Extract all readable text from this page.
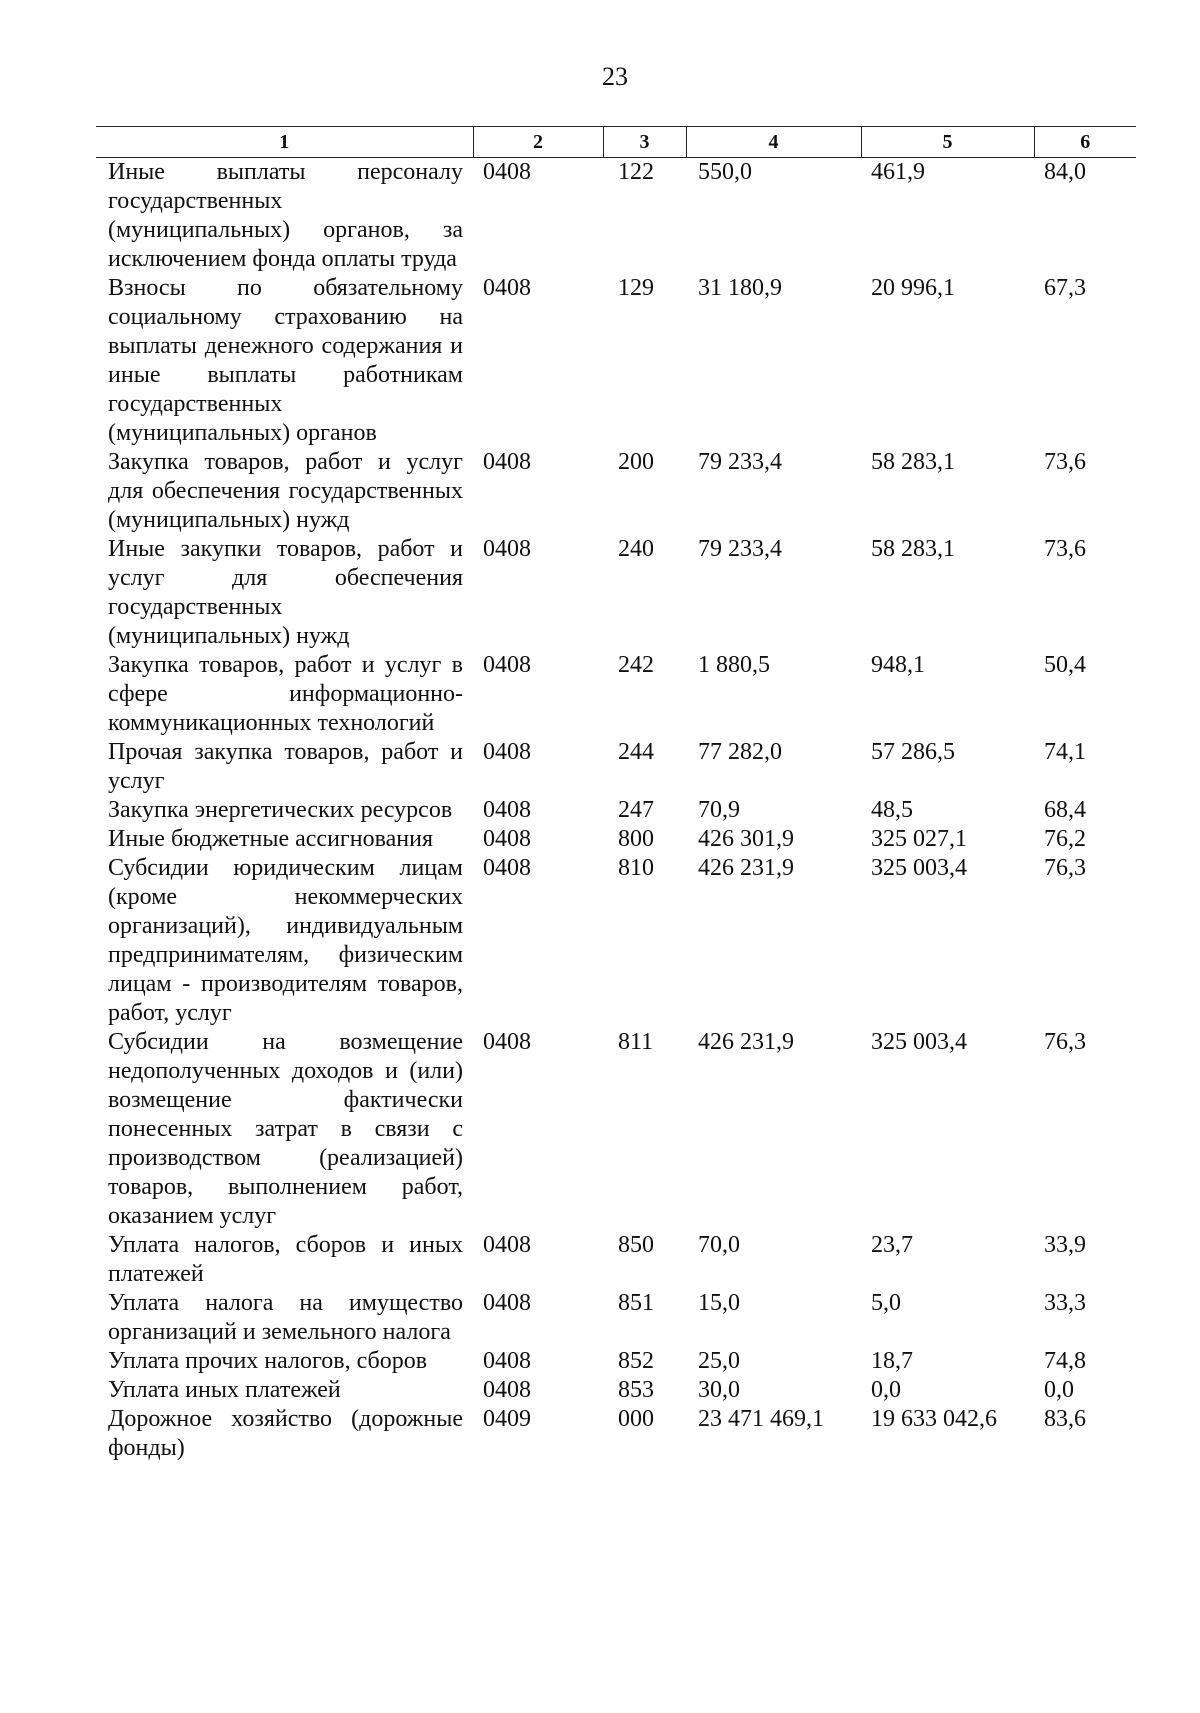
23
1	2	3	4	5	6
Иные выплаты персоналу государственных (муниципальных) органов, за исключением фонда оплаты труда	0408	122	550,0	461,9	84,0
Взносы по обязательному социальному страхованию на выплаты денежного содержания и иные выплаты работникам государственных (муниципальных) органов	0408	129	31 180,9	20 996,1	67,3
Закупка товаров, работ и услуг для обеспечения государственных (муниципальных) нужд	0408	200	79 233,4	58 283,1	73,6
Иные закупки товаров, работ и услуг для обеспечения государственных (муниципальных) нужд	0408	240	79 233,4	58 283,1	73,6
Закупка товаров, работ и услуг в сфере информационно-коммуникационных технологий	0408	242	1 880,5	948,1	50,4
Прочая закупка товаров, работ и услуг	0408	244	77 282,0	57 286,5	74,1
Закупка энергетических ресурсов	0408	247	70,9	48,5	68,4
Иные бюджетные ассигнования	0408	800	426 301,9	325 027,1	76,2
Субсидии юридическим лицам (кроме некоммерческих организаций), индивидуальным предпринимателям, физическим лицам - производителям товаров, работ, услуг	0408	810	426 231,9	325 003,4	76,3
Субсидии на возмещение недополученных доходов и (или) возмещение фактически понесенных затрат в связи с производством (реализацией) товаров, выполнением работ, оказанием услуг	0408	811	426 231,9	325 003,4	76,3
Уплата налогов, сборов и иных платежей	0408	850	70,0	23,7	33,9
Уплата налога на имущество организаций и земельного налога	0408	851	15,0	5,0	33,3
Уплата прочих налогов, сборов	0408	852	25,0	18,7	74,8
Уплата иных платежей	0408	853	30,0	0,0	0,0
Дорожное хозяйство (дорожные фонды)	0409	000	23 471 469,1	19 633 042,6	83,6
